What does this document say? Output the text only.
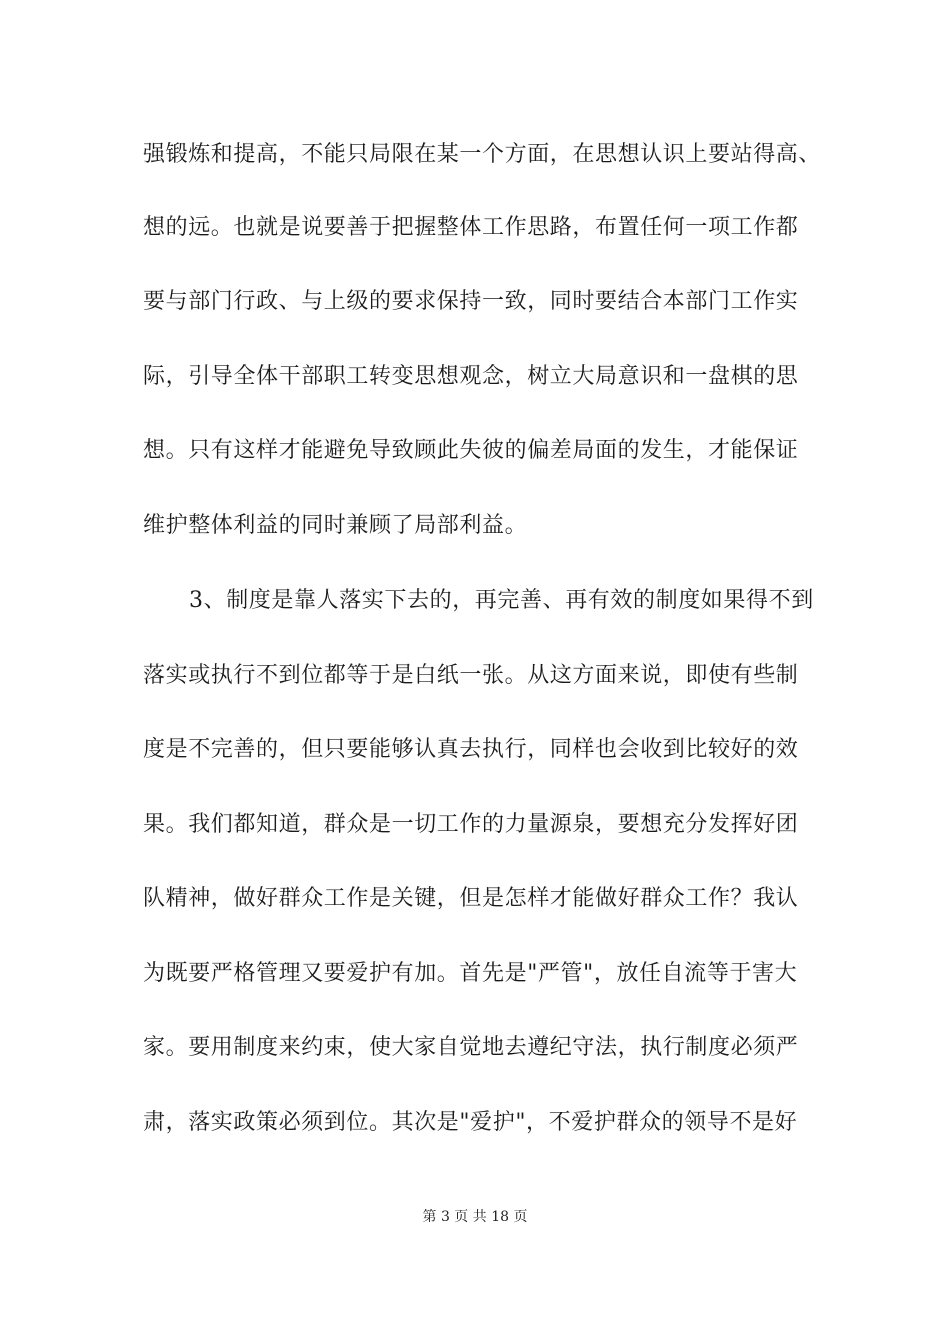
强锻炼和提高，不能只局限在某一个方面，在思想认识上要站得高、
想的远。也就是说要善于把握整体工作思路，布置任何一项工作都
要与部门行政、与上级的要求保持一致，同时要结合本部门工作实
际，引导全体干部职工转变思想观念，树立大局意识和一盘棋的思
想。只有这样才能避免导致顾此失彼的偏差局面的发生，才能保证
维护整体利益的同时兼顾了局部利益。
3、制度是靠人落实下去的，再完善、再有效的制度如果得不到
落实或执行不到位都等于是白纸一张。从这方面来说，即使有些制
度是不完善的，但只要能够认真去执行，同样也会收到比较好的效
果。我们都知道，群众是一切工作的力量源泉，要想充分发挥好团
队精神，做好群众工作是关键，但是怎样才能做好群众工作？我认
为既要严格管理又要爱护有加。首先是"严管"，放任自流等于害大
家。要用制度来约束，使大家自觉地去遵纪守法，执行制度必须严
肃，落实政策必须到位。其次是"爱护"，不爱护群众的领导不是好
第 3 页 共 18 页
